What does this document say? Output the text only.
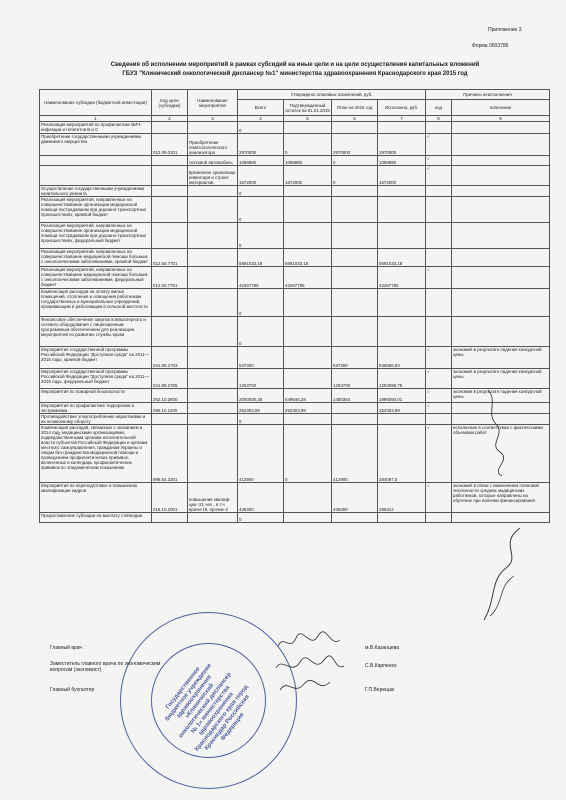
Приложение 3
Форма 0503786
Сведения об исполнении мероприятий в рамках субсидий на иные цели и на цели осуществления капитальных вложений
ГБУЗ "Клинический онкологический диспансер №1" министерства здравоохранения Краснодарского края 2015 год
Наименование субсидии (бюджетной инвестиции)	Код цели (субсидии)	Наименование мероприятия	Утверждено плановых назначений, руб.				Причины неисполнения	
			Всего	Подтвержденный остаток на 01.01.2015	План на 2015 год	Исполнено, руб.	код	пояснение
1	2	3	4	5	6	7	8	9
Реализация мероприятий по профилактике ВИЧ-инфекции и гепатитов В и С			0					
Приобретение государственными учреждениями движимого имущества	012.09.0101	Приобретение гематологического анализатора	2970000	0	2970000	2970000	√	
		легковой автомобиль	1098880	1098880	0	1098880	√	
		временное хранилище инвентаря и строит. материалов	1672000	1672000	0	1672000	√	
Осуществление государственными учреждениями капитального ремонта			0					
Реализация мероприятий, направленных на совершенствование организации медицинской помощи пострадавшим при дорожно-транспортных происшествиях, краевой бюджет			0					
Реализация мероприятий, направленных на совершенствование организации медицинской помощи пострадавшим при дорожно-транспортных происшествиях, федеральный бюджет			0					
Реализация мероприятий, направленных на совершенствование медицинской помощи больным с онкологическими заболеваниями, краевой бюджет	012.50.7701		5691033,18	5691033,18		5691033,18		
Реализация мероприятий, направленных на совершенствование медицинской помощи больным с онкологическими заболеваниями, федеральный бюджет	012.50.7701		42267785	42267785		42267785	√	
Компенсация расходов на оплату жилых помещений, отопления и освещения работникам государственных и муниципальных учреждений, проживающим и работающим в сельской местности			0					
Финансовое обеспечение закупок компьютерного и сетевого оборудования с лицензионным программным обеспечением для реализации мероприятий по развитию службы крови			0					
Мероприятия государственной программы Российской Федерации "Доступная среда" на 2011—2015 годы, краевой бюджет	041.80.2703		537300		537300	536556,83	√	экономия в результате падения конкурсной цены
Мероприятия государственной программы Российской Федерации "Доступная среда" на 2011—2015 годы, федеральный бюджет	041.80.2705		1253700		1253700	1253698,79	√	экономия в результате падения конкурсной цены
Мероприятия по пожарной безопасности	262.10.2800		2000000,28	549646,28	1450354	1996050,01	√	экономия в результате падения конкурсной цены
Мероприятия по профилактике терроризма и экстремизма	095.10.1100		252303,99	252303,99		252303,99	√	
Противодействие злоупотреблению наркотиками и их незаконному обороту			0					
Компенсация расходов, связанных с оказанием в 2014 году медицинскими организациями, подведомственными органам исполнительной власти субъектов Российской Федерации и органам местного самоуправления, гражданам Украины и лицам без гражданства медицинской помощи и проведением профилактических прививок, включенных в календарь профилактических прививок по эпидемическим показаниям	999.54.2201		412900	0	412900	284087,5	√	исполнение в соответствии с фактическими объемами работ
Мероприятия по переподготовке и повышению квалификации кадров	015.10.2001	повышение квалиф-ции -21 чел., в т.ч. врачи-19, прочие-2	436300		436300	296312	√	экономия в связи с изменением плановой численности средних медицинских работников, которые направлены на обучение при наличии финансирования
Предоставление субсидии на выплату стипендии			0					
Государственное бюджетное учреждение здравоохранения «Клинический онкологический диспансер № 1» министерства здравоохранения Краснодарского края город Краснодар Российская Федерация
Главный врач	м.В.Казанцева
Заместитель главного врача по экономическим вопросам (экономист)
С.В.Карпенко
Главный бухгалтер	Г.П.Верещак
